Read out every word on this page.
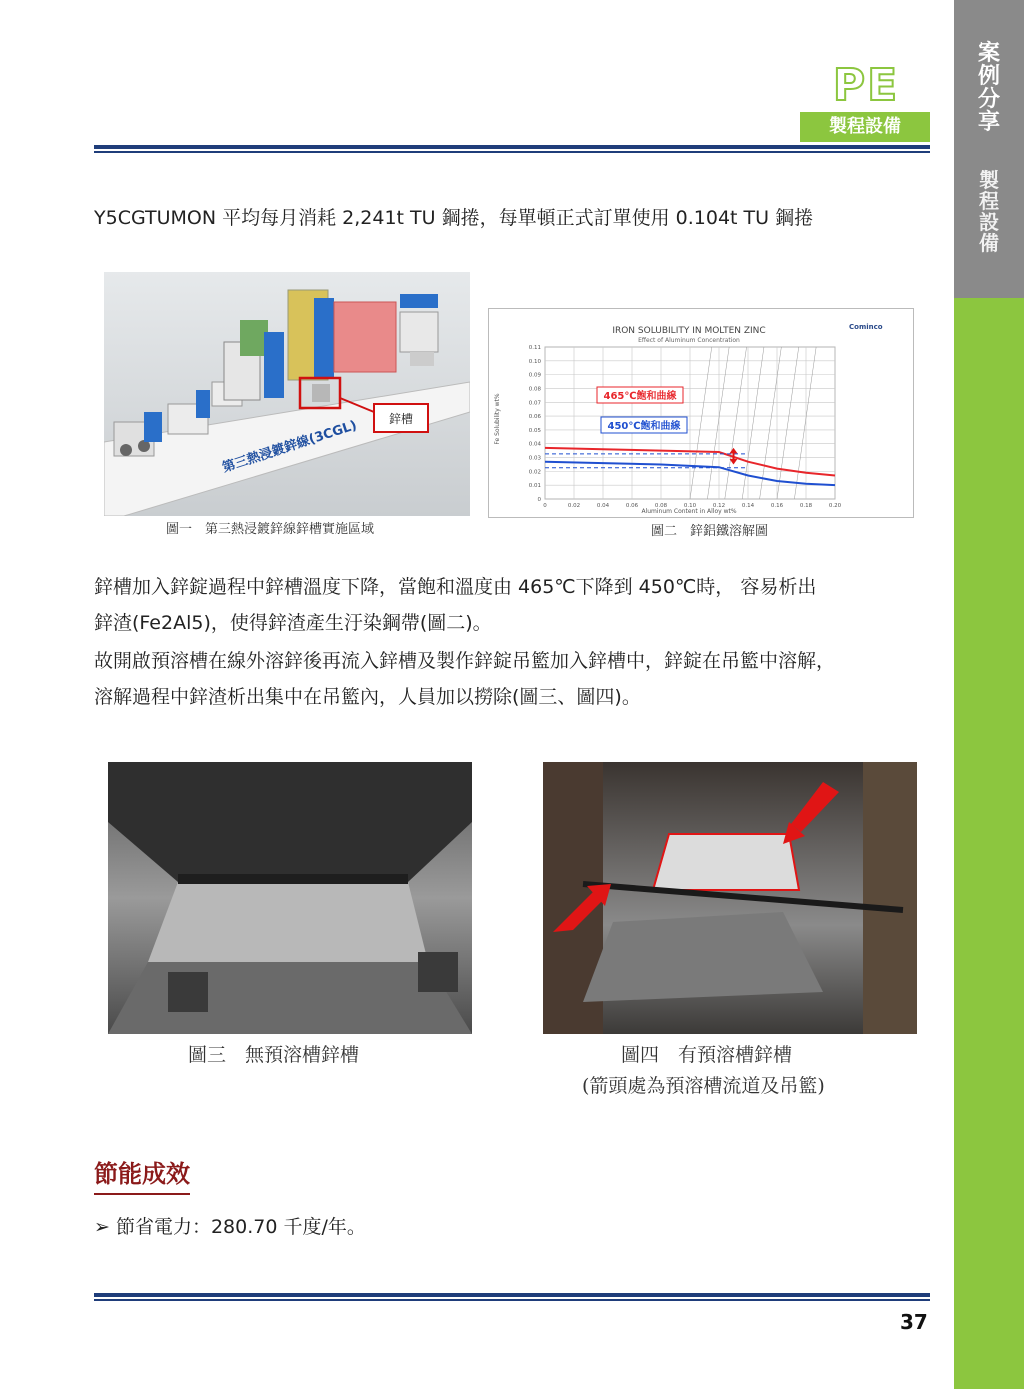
案
例
分
享
製
程
設
備
PE
製程設備
Y5CGTUMON 平均每月消耗 2,241t TU 鋼捲，每單頓正式訂單使用 0.104t TU 鋼捲
鋅槽
第三熱浸鍍鋅線(3CGL)
圖一　第三熱浸鍍鋅線鋅槽實施區域
IRON SOLUBILITY IN MOLTEN ZINC
Effect of Aluminum Concentration
Cominco
0	0.02	0.04	0.06	0.08	0.10	0.12	0.14	0.16	0.18	0.20
0
0.01
0.02
0.03
0.04
0.05
0.06
0.07
0.08
0.09
0.10
0.11
Fe Solubility wt%
Aluminum Content in Alloy wt%
465℃飽和曲線
450℃飽和曲線
圖二　鋅鋁鐵溶解圖
鋅槽加入鋅錠過程中鋅槽溫度下降，當飽和溫度由 465℃下降到 450℃時， 容易析出
鋅渣(Fe2Al5)，使得鋅渣產生汙染鋼帶(圖二)。
故開啟預溶槽在線外溶鋅後再流入鋅槽及製作鋅錠吊籃加入鋅槽中，鋅錠在吊籃中溶解，
溶解過程中鋅渣析出集中在吊籃內，人員加以撈除(圖三、圖四)。
圖三　無預溶槽鋅槽	圖四　有預溶槽鋅槽
(箭頭處為預溶槽流道及吊籃)
節能成效
➢ 節省電力：280.70 千度/年。
37
